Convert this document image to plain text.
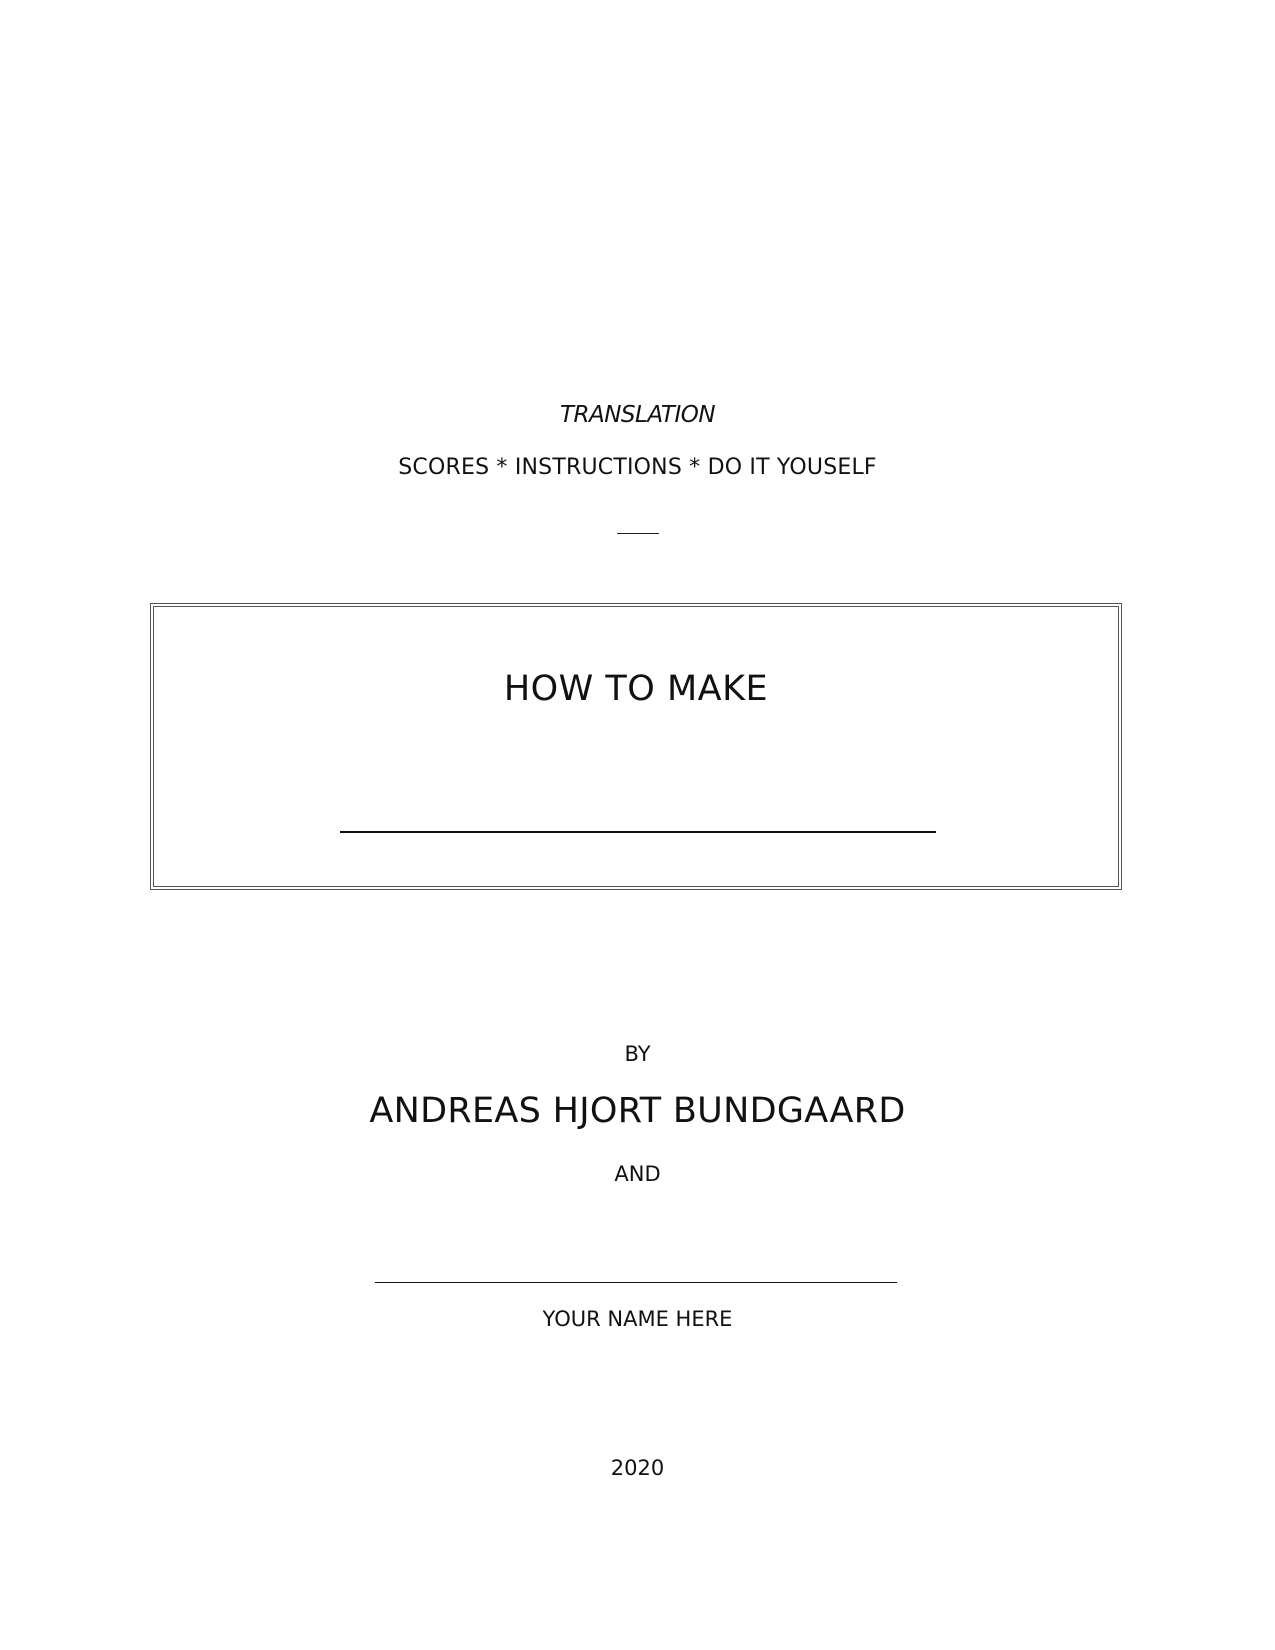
TRANSLATION
SCORES * INSTRUCTIONS * DO IT YOUSELF
HOW TO MAKE
BY
ANDREAS HJORT BUNDGAARD
AND
YOUR NAME HERE
2020
